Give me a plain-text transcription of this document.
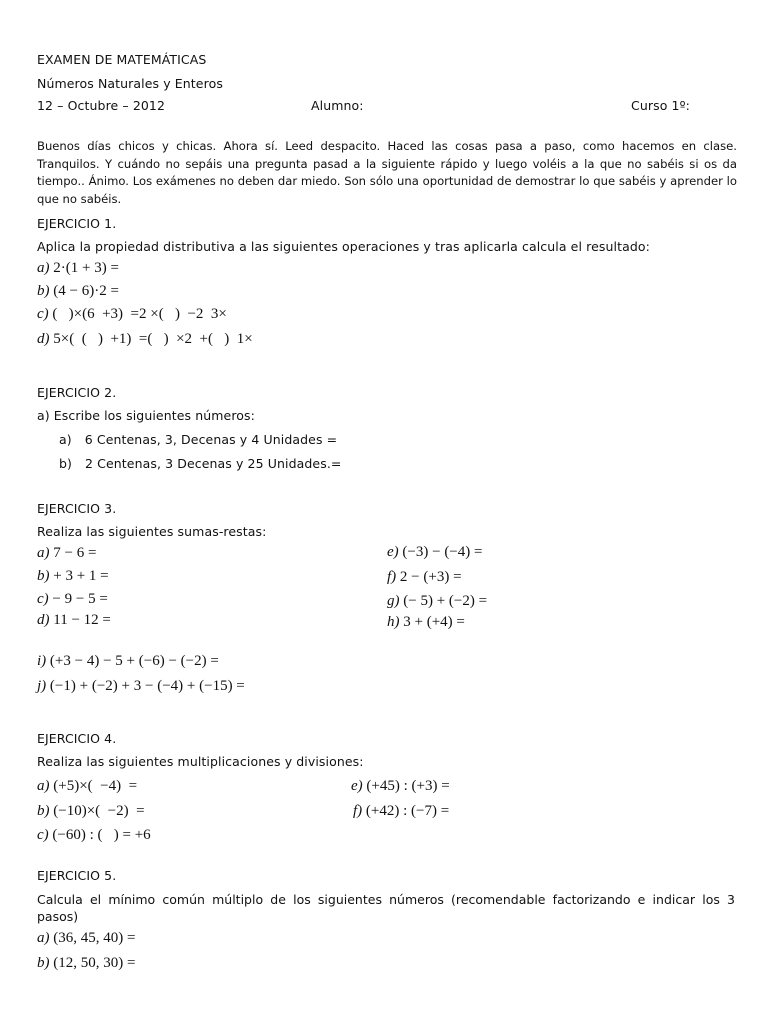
EXAMEN DE MATEMÁTICAS
Números Naturales y Enteros
12 – Octubre – 2012	Alumno:	Curso 1º:
Buenos días chicos y chicas. Ahora sí. Leed despacito. Haced las cosas pasa a paso, como hacemos en clase. Tranquilos. Y cuándo no sepáis una pregunta pasad a la siguiente rápido y luego voléis a la que no sabéis si os da tiempo.. Ánimo. Los exámenes no deben dar miedo. Son sólo una oportunidad de demostrar lo que sabéis y aprender lo que no sabéis.
EJERCICIO 1.
Aplica la propiedad distributiva a las siguientes operaciones y tras aplicarla calcula el resultado:
a) 2·(1 + 3) =
b) (4 − 6)·2 =
c) (   )×(6  +3)  =2 ×(   )  −2  3×
d) 5×(  (   )  +1)  =(   )  ×2  +(   )  1×
EJERCICIO 2.
a) Escribe los siguientes números:
a) 6 Centenas, 3, Decenas y 4 Unidades =
b) 2 Centenas, 3 Decenas y 25 Unidades.=
EJERCICIO 3.
Realiza las siguientes sumas-restas:
a) 7 − 6 =
b) + 3 + 1 =
c) − 9 − 5 =
d) 11 − 12 =
e) (−3) − (−4) =
f) 2 − (+3) =
g) (− 5) + (−2) =
h) 3 + (+4) =
i) (+3 − 4) − 5 + (−6) − (−2) =
j) (−1) + (−2) + 3 − (−4) + (−15) =
EJERCICIO 4.
Realiza las siguientes multiplicaciones y divisiones:
a) (+5)×(  −4)  =
b) (−10)×(  −2)  =
c) (−60) : (   ) = +6
e) (+45) : (+3) =
f) (+42) : (−7) =
EJERCICIO 5.
Calcula el mínimo común múltiplo de los siguientes números (recomendable factorizando e indicar los 3 pasos)
a) (36, 45, 40) =
b) (12, 50, 30) =
